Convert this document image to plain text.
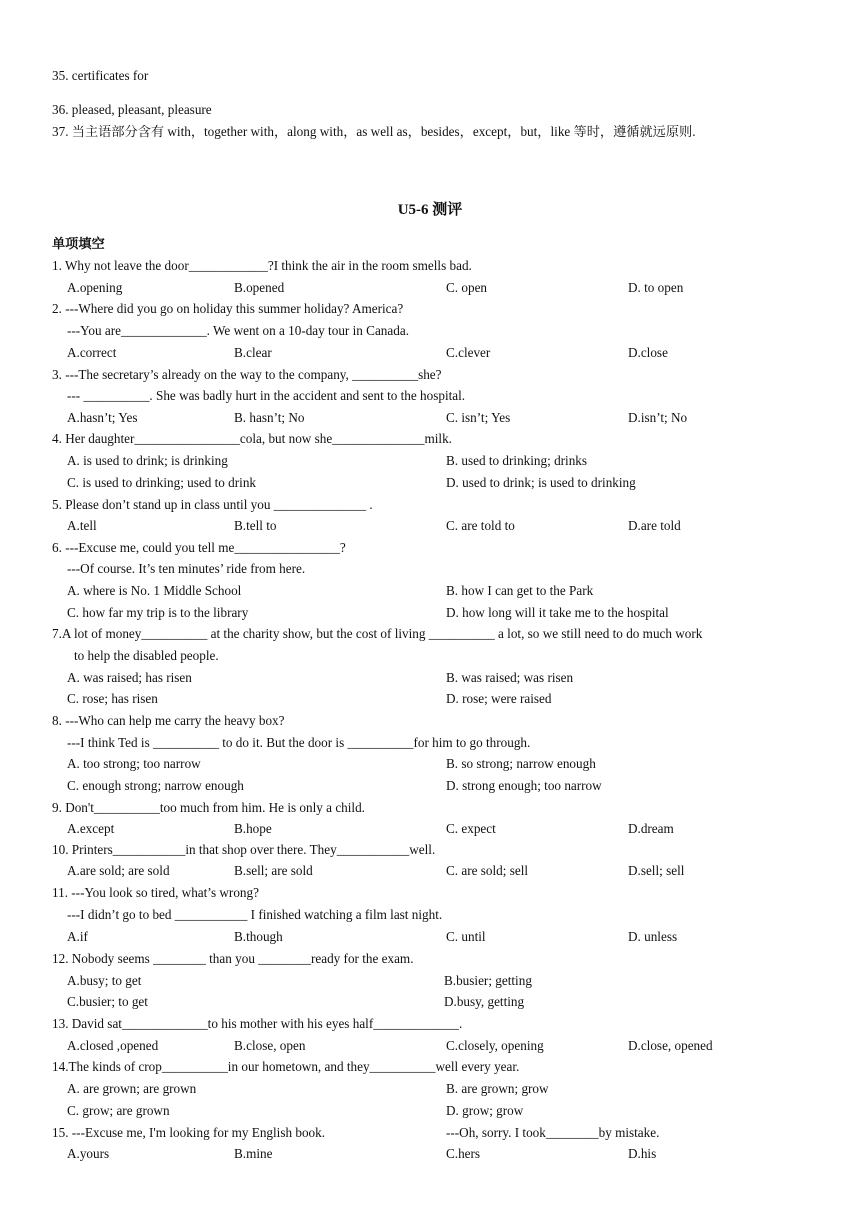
35. certificates for
36. pleased, pleasant, pleasure
37. 当主语部分含有 with，together with，along with，as well as，besides，except，but，like 等时，遵循就远原则.
U5-6 测评
单项填空
1. Why not leave the door____________?I think the air in the room smells bad.
A.opening	B.opened	C. open	D. to open
2. ---Where did you go on holiday this summer holiday? America?
---You are_____________. We went on a 10-day tour in Canada.
A.correct	B.clear	C.clever	D.close
3. ---The secretary’s already on the way to the company, __________she?
--- __________. She was badly hurt in the accident and sent to the hospital.
A.hasn’t; Yes	B. hasn’t; No	C. isn’t; Yes	D.isn’t; No
4. Her daughter________________cola, but now she______________milk.
A. is used to drink; is drinking	B. used to drinking; drinks
C. is used to drinking; used to drink	D. used to drink; is used to drinking
5. Please don’t stand up in class until you ______________ .
A.tell	B.tell to	C. are told to	D.are told
6. ---Excuse me, could you tell me________________?
---Of course. It’s ten minutes’ ride from here.
A. where is No. 1 Middle School	B. how I can get to the Park
C. how far my trip is to the library	D. how long will it take me to the hospital
7.A lot of money__________ at the charity show, but the cost of living __________ a lot, so we still need to do much work
to help the disabled people.
A. was raised; has risen	B. was raised; was risen
C. rose; has risen	D. rose; were raised
8. ---Who can help me carry the heavy box?
---I think Ted is __________ to do it. But the door is __________for him to go through.
A. too strong; too narrow	B. so strong; narrow enough
C. enough strong; narrow enough	D. strong enough; too narrow
9. Don't__________too much from him. He is only a child.
A.except	B.hope	C. expect	D.dream
10. Printers___________in that shop over there. They___________well.
A.are sold; are sold	B.sell; are sold	C. are sold; sell	D.sell; sell
11. ---You look so tired, what’s wrong?
---I didn’t go to bed ___________ I finished watching a film last night.
A.if	B.though	C. until	D. unless
12. Nobody seems ________ than you ________ready for the exam.
A.busy; to get	B.busier; getting
C.busier; to get	D.busy, getting
13. David sat_____________to his mother with his eyes half_____________.
A.closed ,opened	B.close, open	C.closely, opening	D.close, opened
14.The kinds of crop__________in our hometown, and they__________well every year.
A. are grown; are grown	B. are grown; grow
C. grow; are grown	D. grow; grow
15. ---Excuse me, I'm looking for my English book.	---Oh, sorry. I took________by mistake.
A.yours	B.mine	C.hers	D.his
